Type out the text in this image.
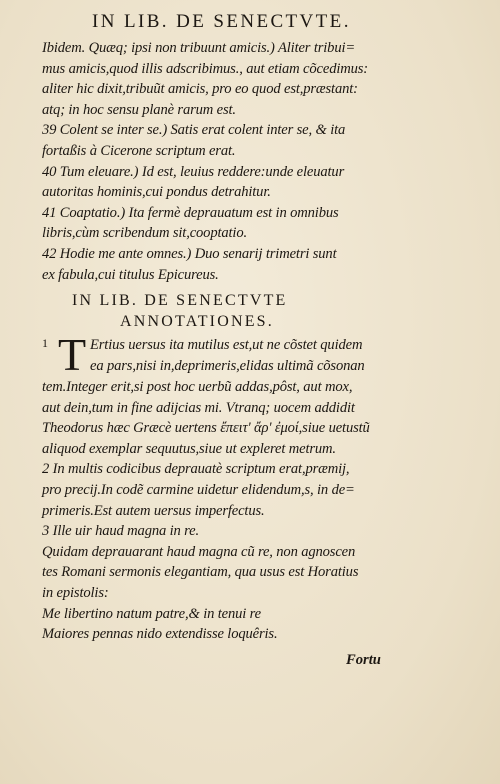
IN LIB. DE SENECTVTE.
Ibidem. Quæq; ipsi non tribuunt amicis.) Aliter tribui=
mus amicis,quod illis adscribimus., aut etiam cõcedimus:
aliter hic dixit,tribuũt amicis, pro eo quod est,præstant:
atq; in hoc sensu planè rarum est.
39 Colent se inter se.) Satis erat colent inter se, & ita
fortaßis à Cicerone scriptum erat.
40 Tum eleuare.) Id est, leuius reddere:unde eleuatur
autoritas hominis,cui pondus detrahitur.
41 Coaptatio.) Ita fermè deprauatum est in omnibus
libris,cùm scribendum sit,cooptatio.
42 Hodie me ante omnes.) Duo senarij trimetri sunt
ex fabula,cui titulus Epicureus.
IN LIB. DE SENECTVTE
ANNOTATIONES.
1 T Ertius uersus ita mutilus est,ut ne cõstet quidem
ea pars,nisi in,deprimeris,elidas ultimã cõsonan
tem.Integer erit,si post hoc uerbũ addas,pôst, aut mox,
aut dein,tum in fine adijcias mi. Vtranq; uocem addidit
Theodorus hæc Græcè uertens ἔπειτ' ἄρ' ἐμοί,siue uetustũ
aliquod exemplar sequutus,siue ut expleret metrum.
2 In multis codicibus deprauatè scriptum erat,præmij,
pro precij.In codẽ carmine uidetur elidendum,s, in de=
primeris.Est autem uersus imperfectus.
3 Ille uir haud magna in re.
Quidam deprauarant haud magna cũ re, non agnoscen
tes Romani sermonis elegantiam, qua usus est Horatius
in epistolis:
Me libertino natum patre,& in tenui re
Maiores pennas nido extendisse loquêris.
Fortu
